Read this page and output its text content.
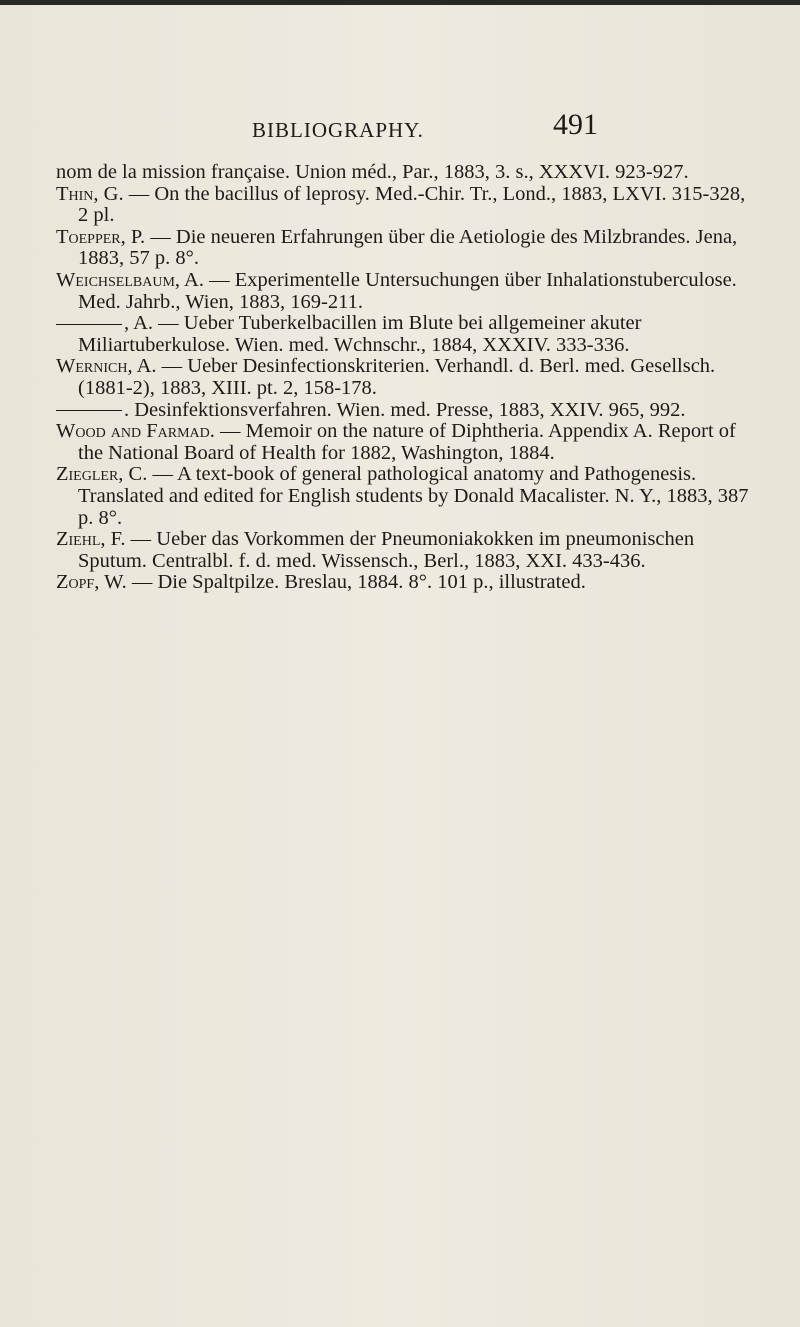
BIBLIOGRAPHY.	491
nom de la mission française. Union méd., Par., 1883, 3. s., XXXVI. 923-927.
Thin, G. — On the bacillus of leprosy. Med.-Chir. Tr., Lond., 1883, LXVI. 315-328, 2 pl.
Toepper, P. — Die neueren Erfahrungen über die Aetiologie des Milzbrandes. Jena, 1883, 57 p. 8°.
Weichselbaum, A. — Experimentelle Untersuchungen über Inhalationstuberculose. Med. Jahrb., Wien, 1883, 169-211.
, A. — Ueber Tuberkelbacillen im Blute bei allgemeiner akuter Miliartuberkulose. Wien. med. Wchnschr., 1884, XXXIV. 333-336.
Wernich, A. — Ueber Desinfectionskriterien. Verhandl. d. Berl. med. Gesellsch. (1881-2), 1883, XIII. pt. 2, 158-178.
. Desinfektionsverfahren. Wien. med. Presse, 1883, XXIV. 965, 992.
Wood and Farmad. — Memoir on the nature of Diphtheria. Appendix A. Report of the National Board of Health for 1882, Washington, 1884.
Ziegler, C. — A text-book of general pathological anatomy and Pathogenesis. Translated and edited for English students by Donald Macalister. N. Y., 1883, 387 p. 8°.
Ziehl, F. — Ueber das Vorkommen der Pneumoniakokken im pneumonischen Sputum. Centralbl. f. d. med. Wissensch., Berl., 1883, XXI. 433-436.
Zopf, W. — Die Spaltpilze. Breslau, 1884. 8°. 101 p., illustrated.
